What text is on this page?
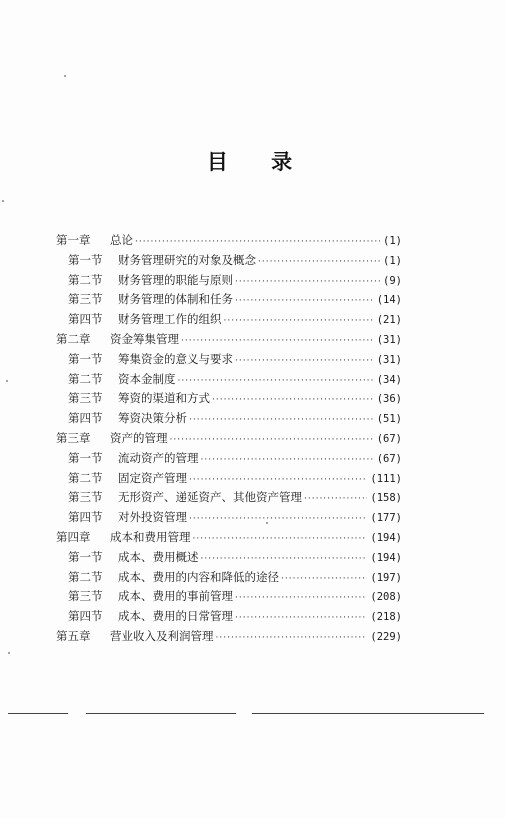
目 录
第一章	总论 ·····	(1)
第一节	财务管理研究的对象及概念 ·····	(1)
第二节	财务管理的职能与原则 ·····	(9)
第三节	财务管理的体制和任务 ·····	(14)
第四节	财务管理工作的组织 ·····	(21)
第二章	资金筹集管理 ·····	(31)
第一节	筹集资金的意义与要求 ·····	(31)
第二节	资本金制度 ·····	(34)
第三节	筹资的渠道和方式 ·····	(36)
第四节	筹资决策分析 ·····	(51)
第三章	资产的管理 ·····	(67)
第一节	流动资产的管理 ·····	(67)
第二节	固定资产管理 ·····	(111)
第三节	无形资产、递延资产、其他资产管理 ·····	(158)
第四节	对外投资管理 ·····	(177)
第四章	成本和费用管理 ·····	(194)
第一节	成本、费用概述 ·····	(194)
第二节	成本、费用的内容和降低的途径 ·····	(197)
第三节	成本、费用的事前管理 ·····	(208)
第四节	成本、费用的日常管理 ·····	(218)
第五章	营业收入及利润管理 ·····	(229)
